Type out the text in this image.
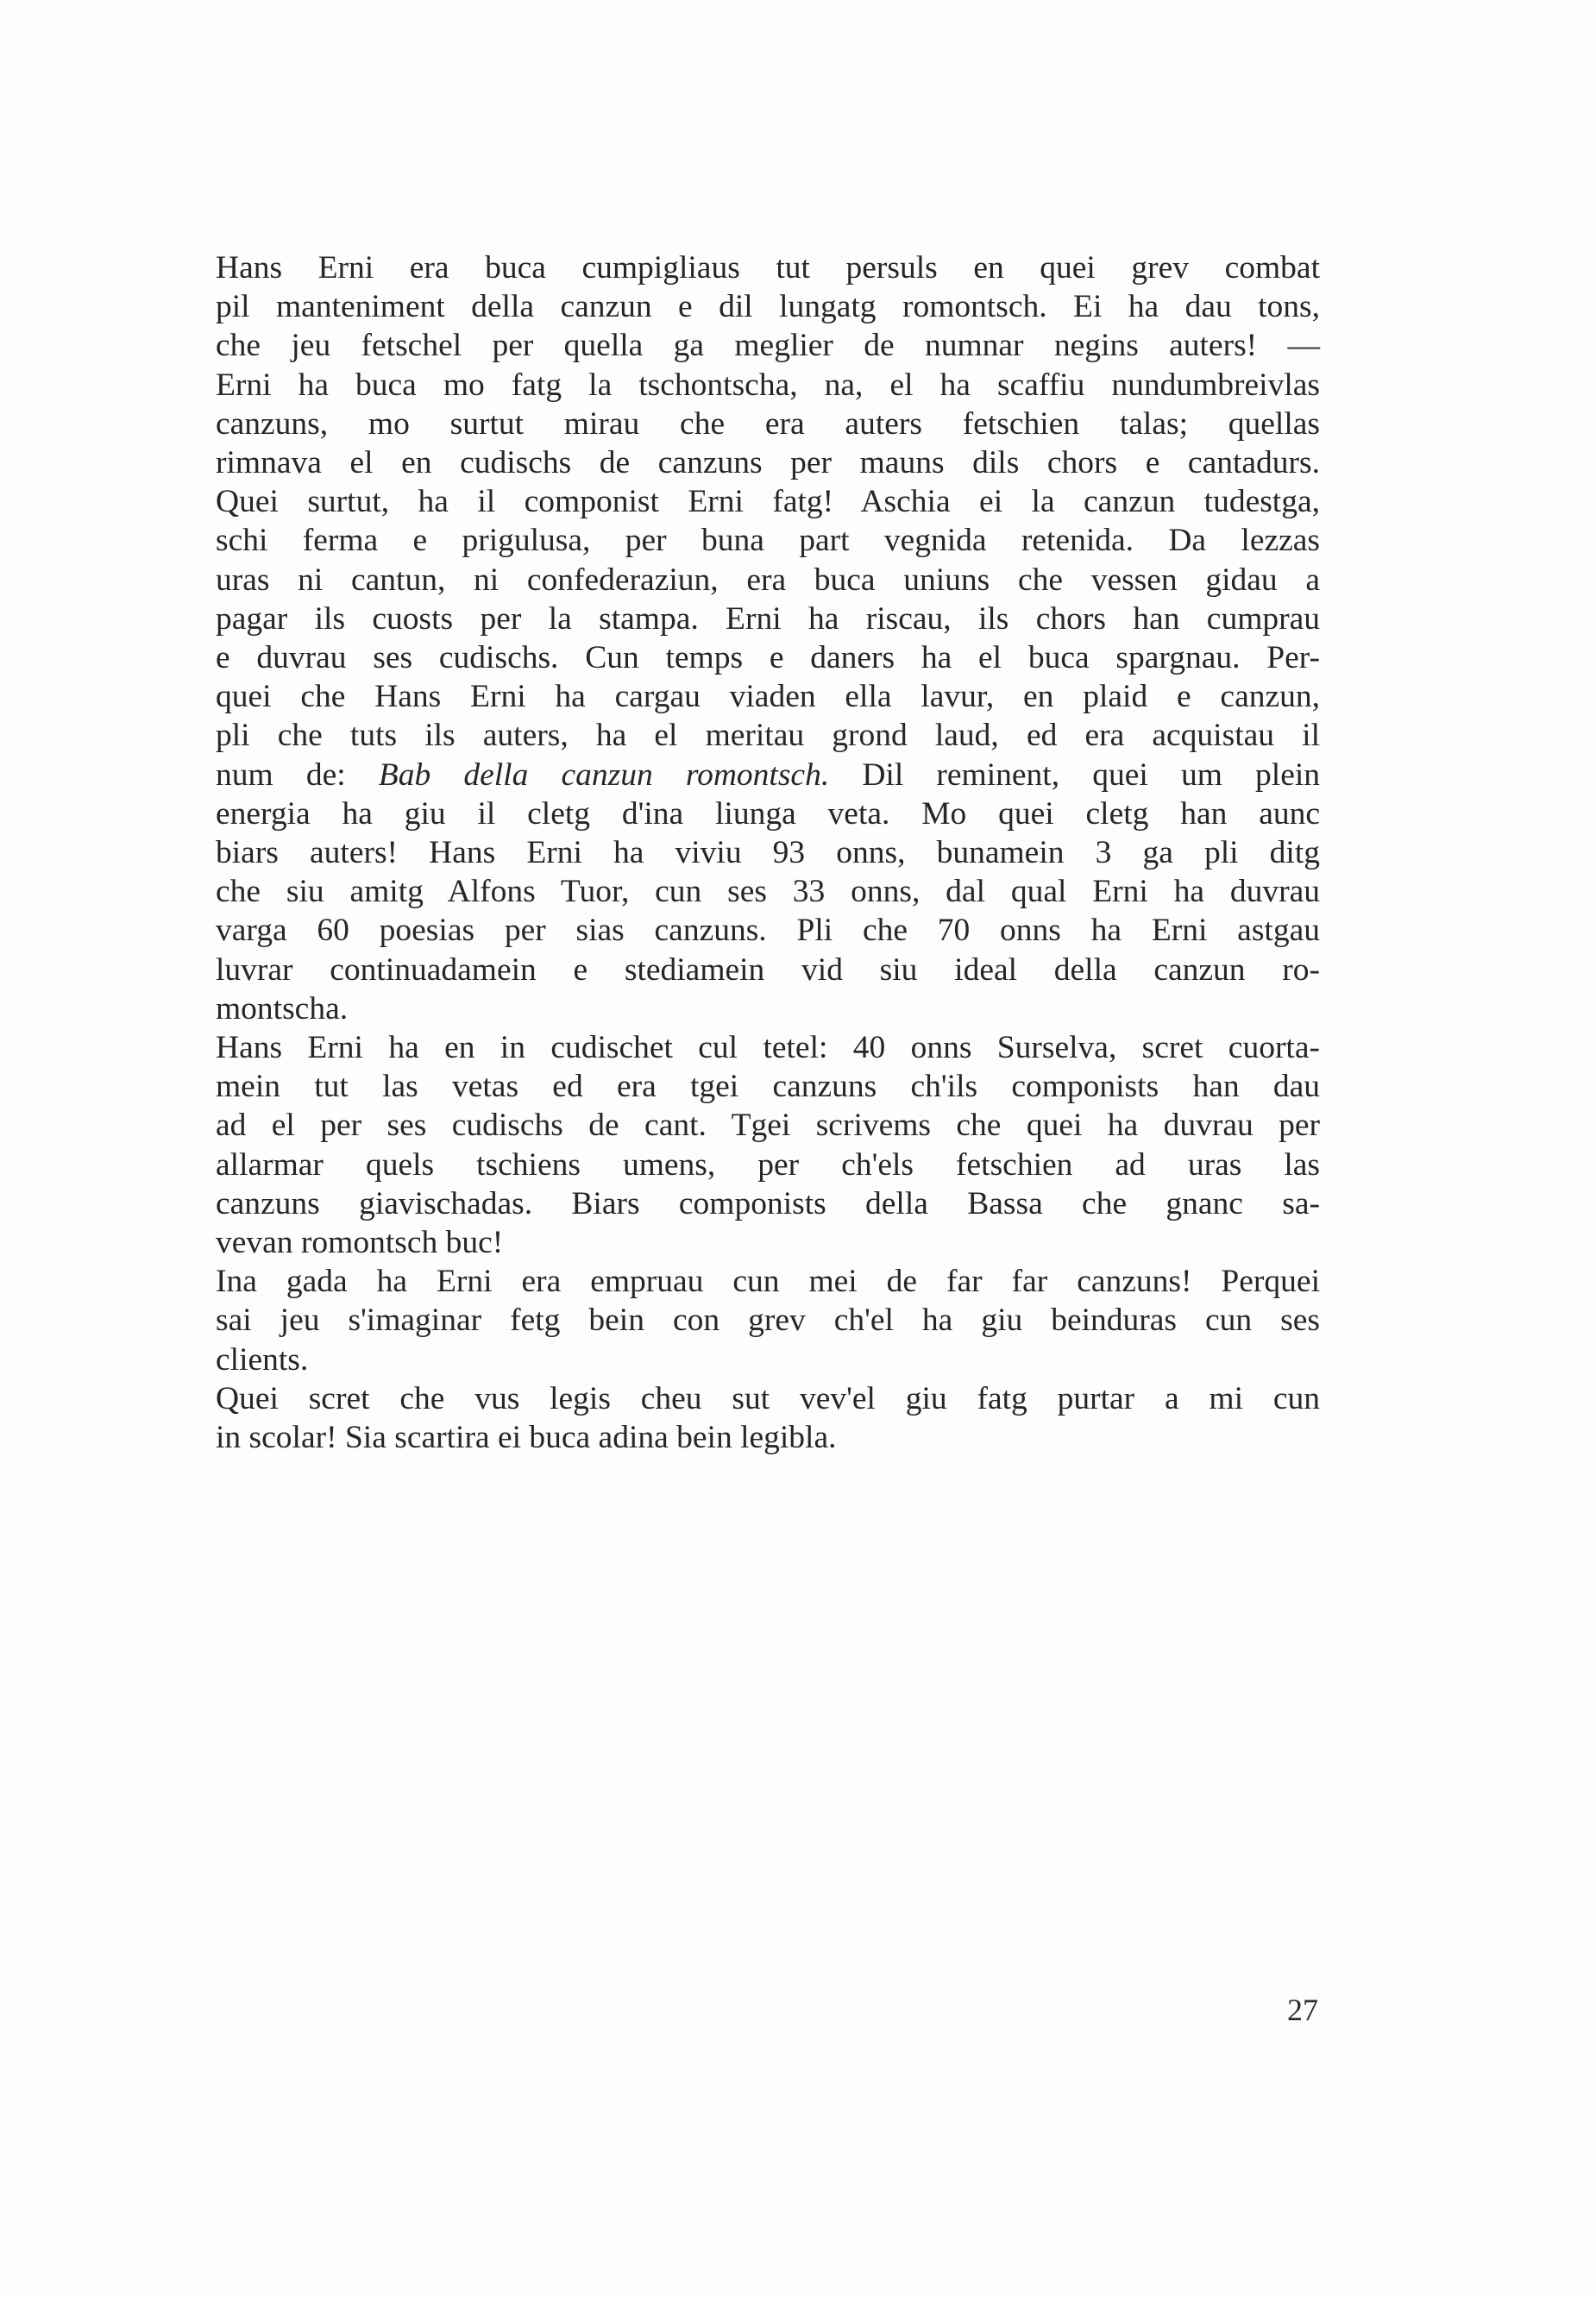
Hans Erni era buca cumpigliaus tut persuls en quei grev combat
pil manteniment della canzun e dil lungatg romontsch. Ei ha dau tons,
che jeu fetschel per quella ga meglier de numnar negins auters! —
Erni ha buca mo fatg la tschontscha, na, el ha scaffiu nundumbreivlas
canzuns, mo surtut mirau che era auters fetschien talas; quellas
rimnava el en cudischs de canzuns per mauns dils chors e cantadurs.
Quei surtut, ha il componist Erni fatg! Aschia ei la canzun tudestga,
schi ferma e prigulusa, per buna part vegnida retenida. Da lezzas
uras ni cantun, ni confederaziun, era buca uniuns che vessen gidau a
pagar ils cuosts per la stampa. Erni ha riscau, ils chors han cumprau
e duvrau ses cudischs. Cun temps e daners ha el buca spargnau. Per-
quei che Hans Erni ha cargau viaden ella lavur, en plaid e canzun,
pli che tuts ils auters, ha el meritau grond laud, ed era acquistau il
num de: Bab della canzun romontsch. Dil reminent, quei um plein
energia ha giu il cletg d'ina liunga veta. Mo quei cletg han aunc
biars auters! Hans Erni ha viviu 93 onns, bunamein 3 ga pli ditg
che siu amitg Alfons Tuor, cun ses 33 onns, dal qual Erni ha duvrau
varga 60 poesias per sias canzuns. Pli che 70 onns ha Erni astgau
luvrar continuadamein e stediamein vid siu ideal della canzun ro-
montscha.

Hans Erni ha en in cudischet cul tetel: 40 onns Surselva, scret cuorta-
mein tut las vetas ed era tgei canzuns ch'ils componists han dau
ad el per ses cudischs de cant. Tgei scrivems che quei ha duvrau per
allarmar quels tschiens umens, per ch'els fetschien ad uras las
canzuns giavischadas. Biars componists della Bassa che gnanc sa-
vevan romontsch buc!

Ina gada ha Erni era empruau cun mei de far far canzuns! Perquei
sai jeu s'imaginar fetg bein con grev ch'el ha giu beinduras cun ses
clients.

Quei scret che vus legis cheu sut vev'el giu fatg purtar a mi cun
in scolar! Sia scartira ei buca adina bein legibla.

27
